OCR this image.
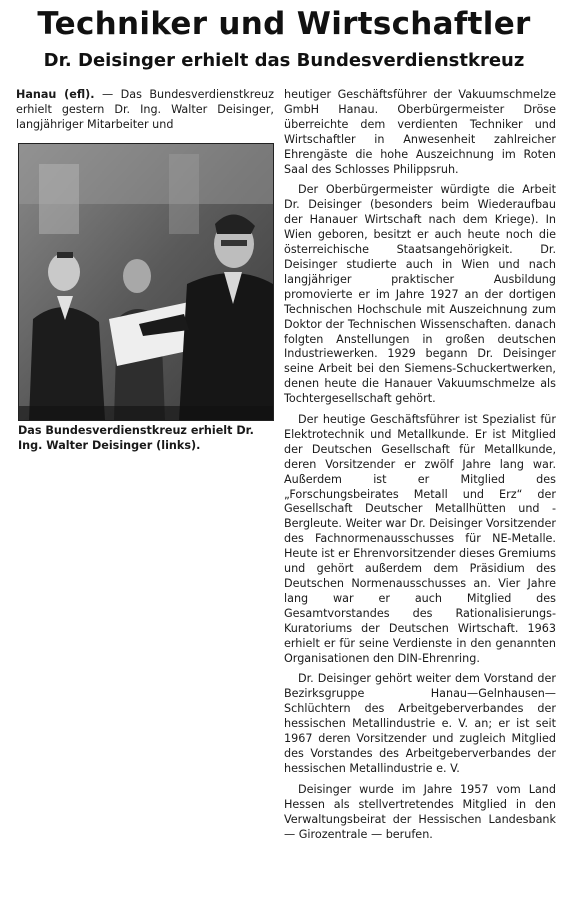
Techniker und Wirtschaftler
Dr. Deisinger erhielt das Bundesverdienstkreuz

Hanau (efl). — Das Bundesverdienstkreuz erhielt gestern Dr. Ing. Walter Deisinger, langjähriger Mitarbeiter und

Das Bundesverdienstkreuz erhielt Dr. Ing. Walter Deisinger (links).

heutiger Geschäftsführer der Vakuumschmelze GmbH Hanau. Oberbürgermeister Dröse überreichte dem verdienten Techniker und Wirtschaftler in Anwesenheit zahlreicher Ehrengäste die hohe Auszeichnung im Roten Saal des Schlosses Philippsruh.

Der Oberbürgermeister würdigte die Arbeit Dr. Deisinger (besonders beim Wiederaufbau der Hanauer Wirtschaft nach dem Kriege). In Wien geboren, besitzt er auch heute noch die österreichische Staatsangehörigkeit. Dr. Deisinger studierte auch in Wien und nach langjähriger praktischer Ausbildung promovierte er im Jahre 1927 an der dortigen Technischen Hochschule mit Auszeichnung zum Doktor der Technischen Wissenschaften. danach folgten Anstellungen in großen deutschen Industriewerken. 1929 begann Dr. Deisinger seine Arbeit bei den Siemens-Schuckertwerken, denen heute die Hanauer Vakuumschmelze als Tochtergesellschaft gehört.

Der heutige Geschäftsführer ist Spezialist für Elektrotechnik und Metallkunde. Er ist Mitglied der Deutschen Gesellschaft für Metallkunde, deren Vorsitzender er zwölf Jahre lang war. Außerdem ist er Mitglied des „Forschungsbeirates Metall und Erz“ der Gesellschaft Deutscher Metallhütten und -Bergleute. Weiter war Dr. Deisinger Vorsitzender des Fachnormenausschusses für NE-Metalle. Heute ist er Ehrenvorsitzender dieses Gremiums und gehört außerdem dem Präsidium des Deutschen Normenausschusses an. Vier Jahre lang war er auch Mitglied des Gesamtvorstandes des Rationalisierungs-Kuratoriums der Deutschen Wirtschaft. 1963 erhielt er für seine Verdienste in den genannten Organisationen den DIN-Ehrenring.

Dr. Deisinger gehört weiter dem Vorstand der Bezirksgruppe Hanau—Gelnhausen—Schlüchtern des Arbeitgeberverbandes der hessischen Metallindustrie e. V. an; er ist seit 1967 deren Vorsitzender und zugleich Mitglied des Vorstandes des Arbeitgeberverbandes der hessischen Metallindustrie e. V.

Deisinger wurde im Jahre 1957 vom Land Hessen als stellvertretendes Mitglied in den Verwaltungsbeirat der Hessischen Landesbank — Girozentrale — berufen.
